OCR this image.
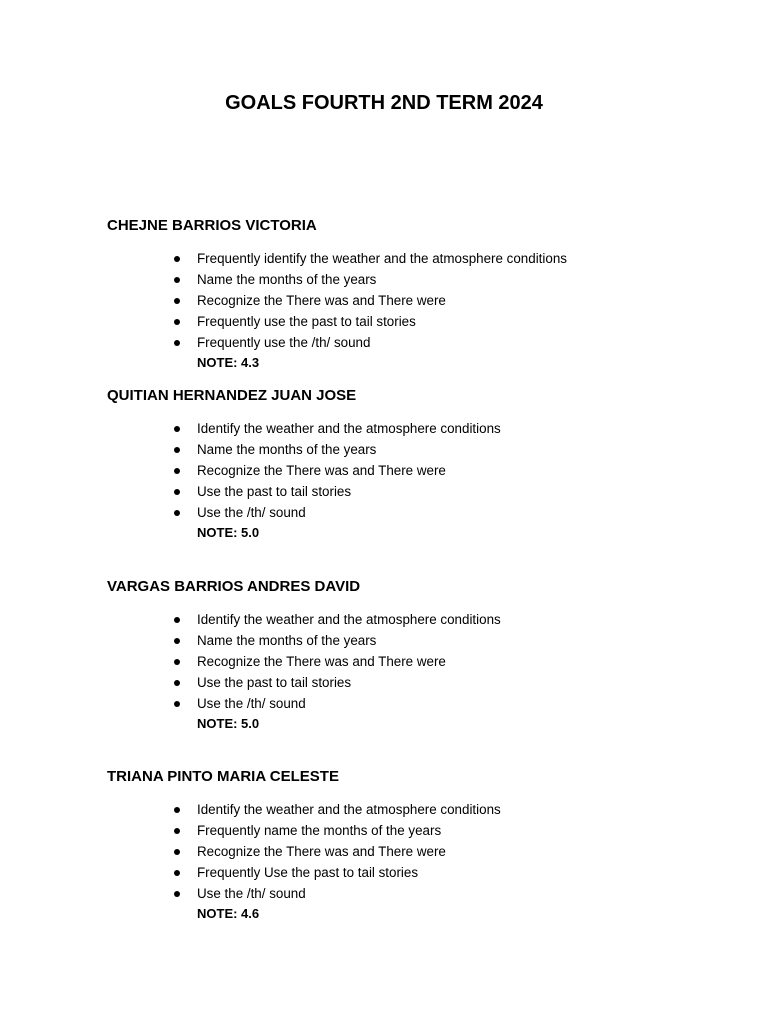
GOALS FOURTH 2ND TERM 2024

CHEJNE BARRIOS VICTORIA

Frequently identify the weather and the atmosphere conditions
Name the months of the years
Recognize the There was and There were
Frequently use the past to tail stories
Frequently use the /th/ sound
NOTE: 4.3

QUITIAN HERNANDEZ JUAN JOSE

Identify the weather and the atmosphere conditions
Name the months of the years
Recognize the There was and There were
Use the past to tail stories
Use the /th/ sound
NOTE: 5.0

VARGAS BARRIOS ANDRES DAVID

Identify the weather and the atmosphere conditions
Name the months of the years
Recognize the There was and There were
Use the past to tail stories
Use the /th/ sound
NOTE: 5.0

TRIANA PINTO MARIA CELESTE

Identify the weather and the atmosphere conditions
Frequently name the months of the years
Recognize the There was and There were
Frequently Use the past to tail stories
Use the /th/ sound
NOTE: 4.6
